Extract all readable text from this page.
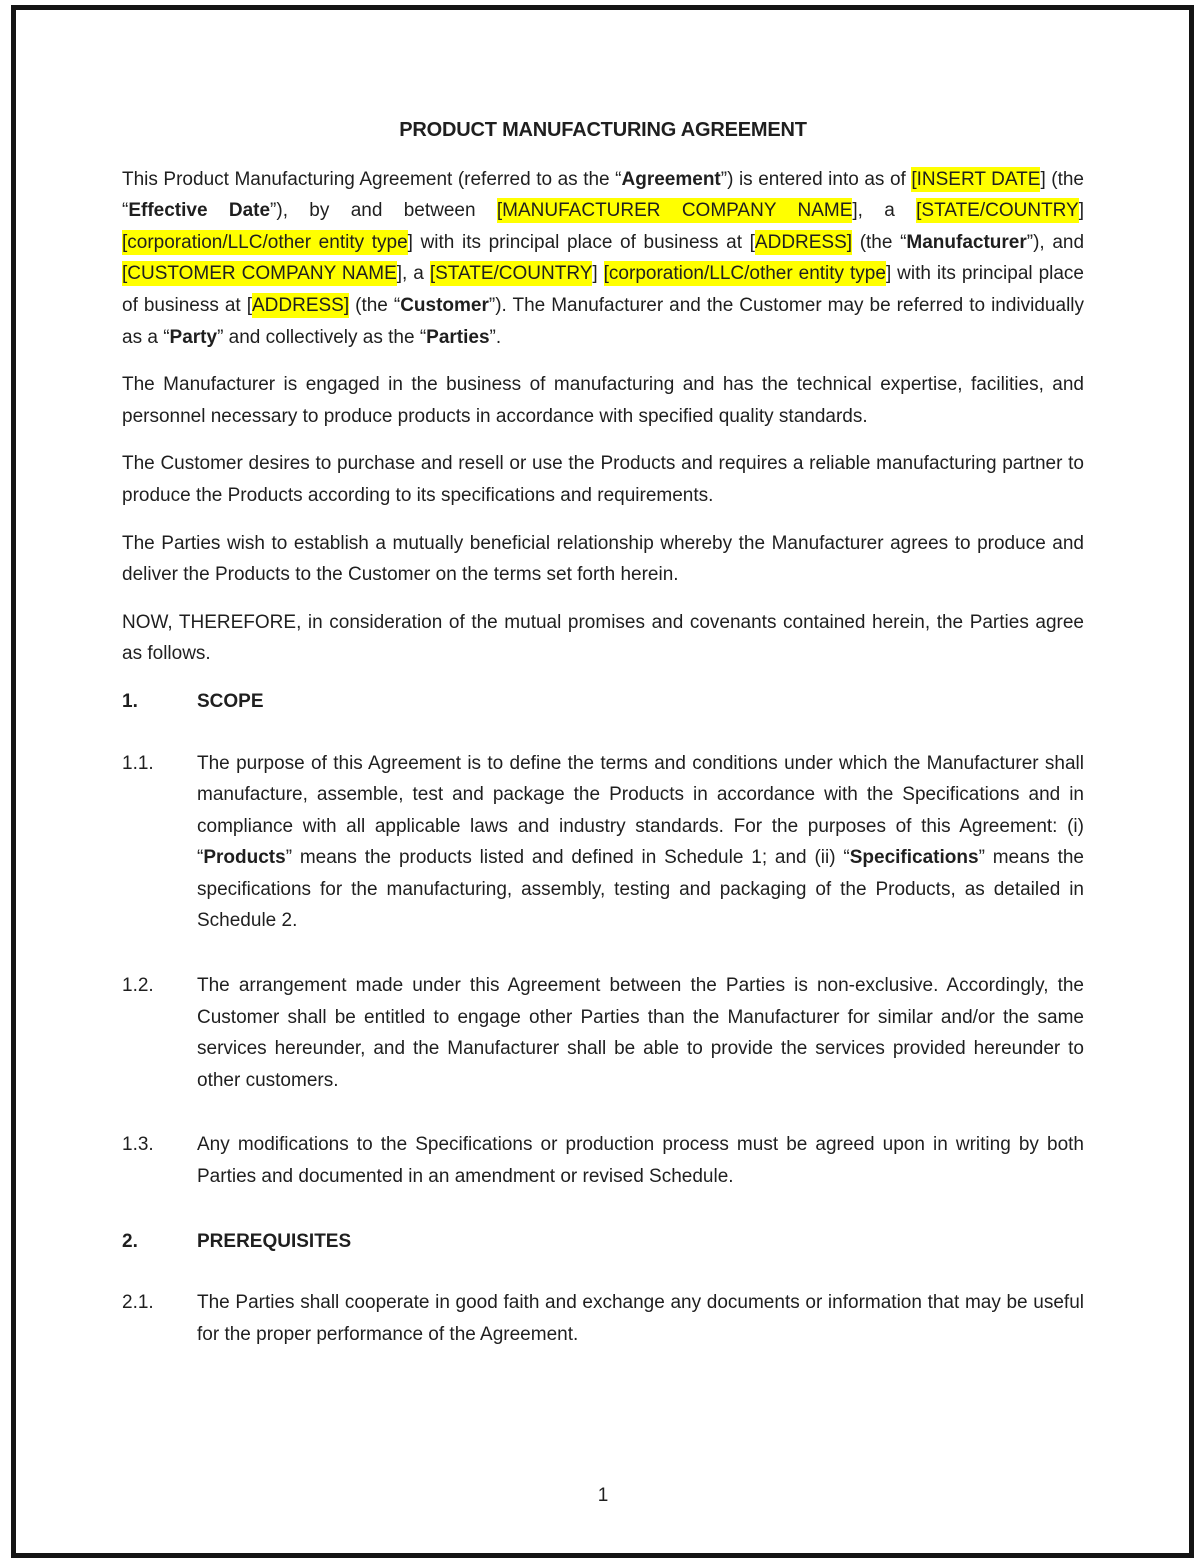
PRODUCT MANUFACTURING AGREEMENT

This Product Manufacturing Agreement (referred to as the “Agreement”) is entered into as of [INSERT DATE] (the “Effective Date”), by and between [MANUFACTURER COMPANY NAME], a [STATE/COUNTRY] [corporation/LLC/other entity type] with its principal place of business at [ADDRESS] (the “Manufacturer”), and [CUSTOMER COMPANY NAME], a [STATE/COUNTRY] [corporation/LLC/other entity type] with its principal place of business at [ADDRESS] (the “Customer”). The Manufacturer and the Customer may be referred to individually as a “Party” and collectively as the “Parties”.

The Manufacturer is engaged in the business of manufacturing and has the technical expertise, facilities, and personnel necessary to produce products in accordance with specified quality standards.

The Customer desires to purchase and resell or use the Products and requires a reliable manufacturing partner to produce the Products according to its specifications and requirements.

The Parties wish to establish a mutually beneficial relationship whereby the Manufacturer agrees to produce and deliver the Products to the Customer on the terms set forth herein.

NOW, THEREFORE, in consideration of the mutual promises and covenants contained herein, the Parties agree as follows.

1.	SCOPE
1.1. The purpose of this Agreement is to define the terms and conditions under which the Manufacturer shall manufacture, assemble, test and package the Products in accordance with the Specifications and in compliance with all applicable laws and industry standards. For the purposes of this Agreement: (i) “Products” means the products listed and defined in Schedule 1; and (ii) “Specifications” means the specifications for the manufacturing, assembly, testing and packaging of the Products, as detailed in Schedule 2.
1.2. The arrangement made under this Agreement between the Parties is non-exclusive. Accordingly, the Customer shall be entitled to engage other Parties than the Manufacturer for similar and/or the same services hereunder, and the Manufacturer shall be able to provide the services provided hereunder to other customers.
1.3. Any modifications to the Specifications or production process must be agreed upon in writing by both Parties and documented in an amendment or revised Schedule.
2.	PREREQUISITES
2.1. The Parties shall cooperate in good faith and exchange any documents or information that may be useful for the proper performance of the Agreement.
1
